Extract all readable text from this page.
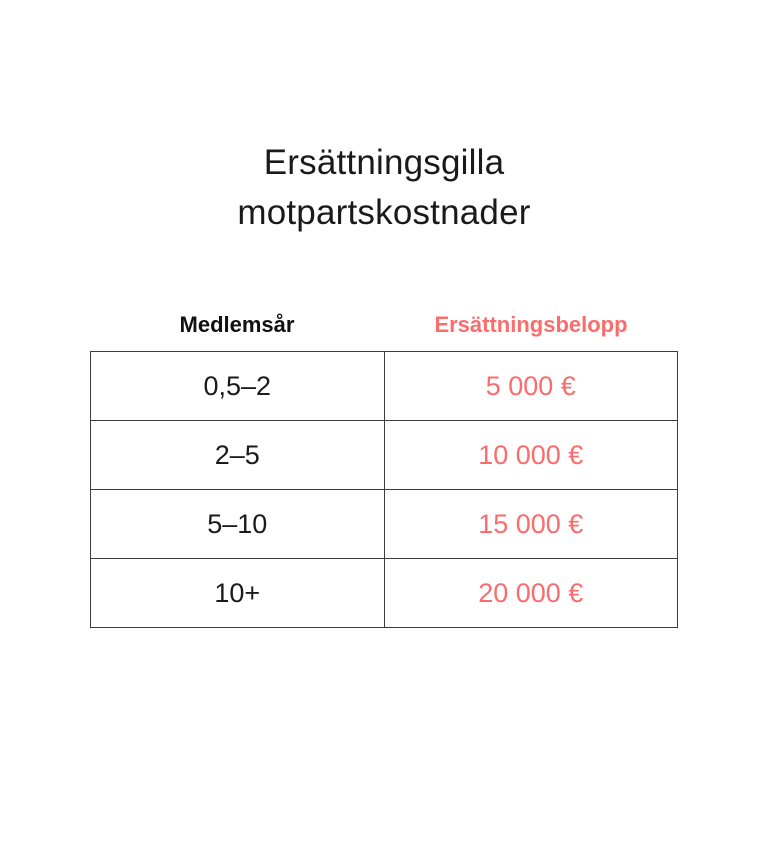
Ersättningsgilla
motpartskostnader
Medlemsår	Ersättningsbelopp
0,5–2	5 000 €
2–5	10 000 €
5–10	15 000 €
10+	20 000 €
